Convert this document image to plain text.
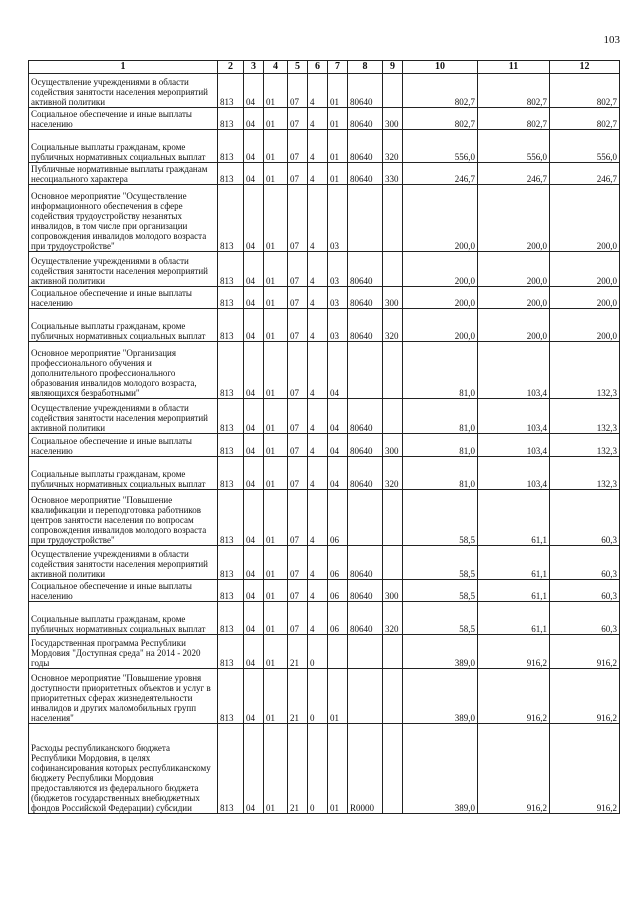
103
1	2	3	4	5	6	7	8	9	10	11	12
Осуществление учреждениями в области содействия занятости населения мероприятий активной политики	813	04	01	07	4	01	80640		802,7	802,7	802,7
Социальное обеспечение и иные выплаты населению	813	04	01	07	4	01	80640	300	802,7	802,7	802,7
Социальные выплаты гражданам, кроме публичных нормативных социальных выплат	813	04	01	07	4	01	80640	320	556,0	556,0	556,0
Публичные нормативные выплаты гражданам несоциального характера	813	04	01	07	4	01	80640	330	246,7	246,7	246,7
Основное мероприятие "Осуществление информационного обеспечения в сфере содействия трудоустройству незанятых инвалидов, в том числе при организации сопровождения инвалидов молодого возраста при трудоустройстве"	813	04	01	07	4	03			200,0	200,0	200,0
Осуществление учреждениями в области содействия занятости населения мероприятий активной политики	813	04	01	07	4	03	80640		200,0	200,0	200,0
Социальное обеспечение и иные выплаты населению	813	04	01	07	4	03	80640	300	200,0	200,0	200,0
Социальные выплаты гражданам, кроме публичных нормативных социальных выплат	813	04	01	07	4	03	80640	320	200,0	200,0	200,0
Основное мероприятие "Организация профессионального обучения и дополнительного профессионального образования инвалидов молодого возраста, являющихся безработными"	813	04	01	07	4	04			81,0	103,4	132,3
Осуществление учреждениями в области содействия занятости населения мероприятий активной политики	813	04	01	07	4	04	80640		81,0	103,4	132,3
Социальное обеспечение и иные выплаты населению	813	04	01	07	4	04	80640	300	81,0	103,4	132,3
Социальные выплаты гражданам, кроме публичных нормативных социальных выплат	813	04	01	07	4	04	80640	320	81,0	103,4	132,3
Основное мероприятие "Повышение квалификации и переподготовка работников центров занятости населения по вопросам сопровождения инвалидов молодого возраста при трудоустройстве"	813	04	01	07	4	06			58,5	61,1	60,3
Осуществление учреждениями в области содействия занятости населения мероприятий активной политики	813	04	01	07	4	06	80640		58,5	61,1	60,3
Социальное обеспечение и иные выплаты населению	813	04	01	07	4	06	80640	300	58,5	61,1	60,3
Социальные выплаты гражданам, кроме публичных нормативных социальных выплат	813	04	01	07	4	06	80640	320	58,5	61,1	60,3
Государственная программа Республики Мордовия "Доступная среда" на 2014 - 2020 годы	813	04	01	21	0				389,0	916,2	916,2
Основное мероприятие "Повышение уровня доступности приоритетных объектов и услуг в приоритетных сферах жизнедеятельности инвалидов и других маломобильных групп населения"	813	04	01	21	0	01			389,0	916,2	916,2
Расходы республиканского бюджета Республики Мордовия, в целях софинансирования которых республиканскому бюджету Республики Мордовия предоставляются из федерального бюджета (бюджетов государственных внебюджетных фондов Российской Федерации) субсидии	813	04	01	21	0	01	R0000		389,0	916,2	916,2
